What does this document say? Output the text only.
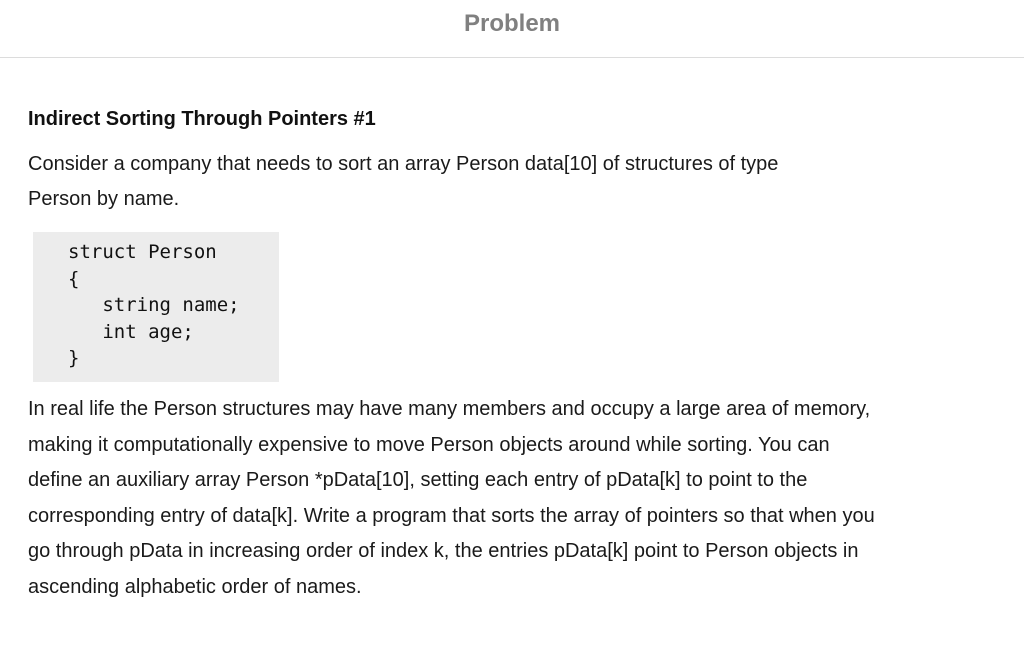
Problem
Indirect Sorting Through Pointers #1

Consider a company that needs to sort an array Person data[10] of structures of type

Person by name.

struct Person
{
string name;
int age;
}
In real life the Person structures may have many members and occupy a large area of memory,
making it computationally expensive to move Person objects around while sorting. You can
define an auxiliary array Person *pData[10], setting each entry of pData[k] to point to the
corresponding entry of data[k]. Write a program that sorts the array of pointers so that when you
go through pData in increasing order of index k, the entries pData[k] point to Person objects in
ascending alphabetic order of names.
